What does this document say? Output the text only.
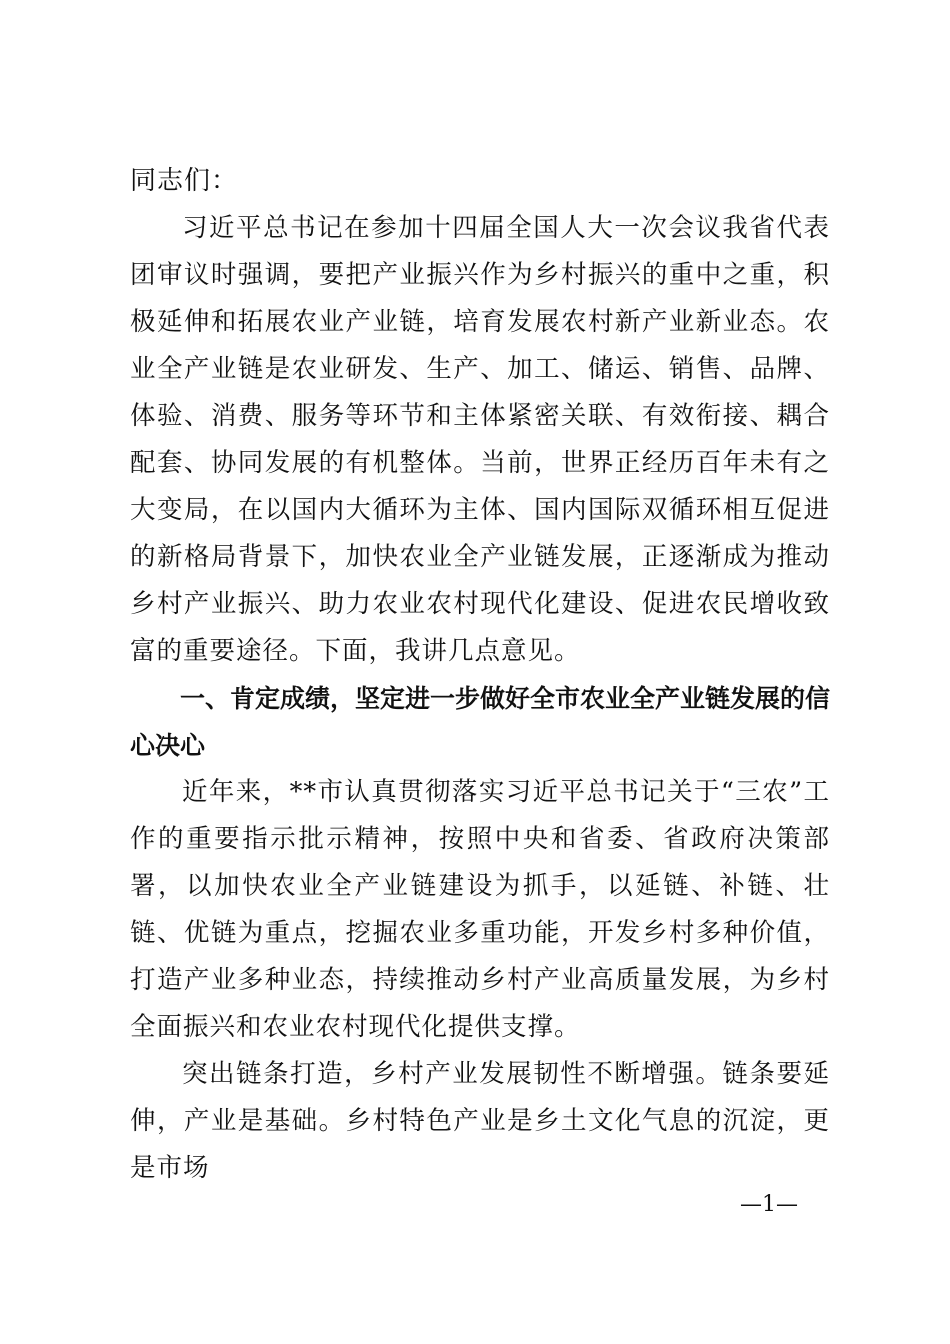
同志们：

习近平总书记在参加十四届全国人大一次会议我省代表团审议时强调，要把产业振兴作为乡村振兴的重中之重，积极延伸和拓展农业产业链，培育发展农村新产业新业态。农业全产业链是农业研发、生产、加工、储运、销售、品牌、体验、消费、服务等环节和主体紧密关联、有效衔接、耦合配套、协同发展的有机整体。当前，世界正经历百年未有之大变局，在以国内大循环为主体、国内国际双循环相互促进的新格局背景下，加快农业全产业链发展，正逐渐成为推动乡村产业振兴、助力农业农村现代化建设、促进农民增收致富的重要途径。下面，我讲几点意见。

一、肯定成绩，坚定进一步做好全市农业全产业链发展的信心决心

近年来，**市认真贯彻落实习近平总书记关于“三农”工作的重要指示批示精神，按照中央和省委、省政府决策部署，以加快农业全产业链建设为抓手，以延链、补链、壮链、优链为重点，挖掘农业多重功能，开发乡村多种价值，打造产业多种业态，持续推动乡村产业高质量发展，为乡村全面振兴和农业农村现代化提供支撑。

突出链条打造，乡村产业发展韧性不断增强。链条要延伸，产业是基础。乡村特色产业是乡土文化气息的沉淀，更是市场

—1—
